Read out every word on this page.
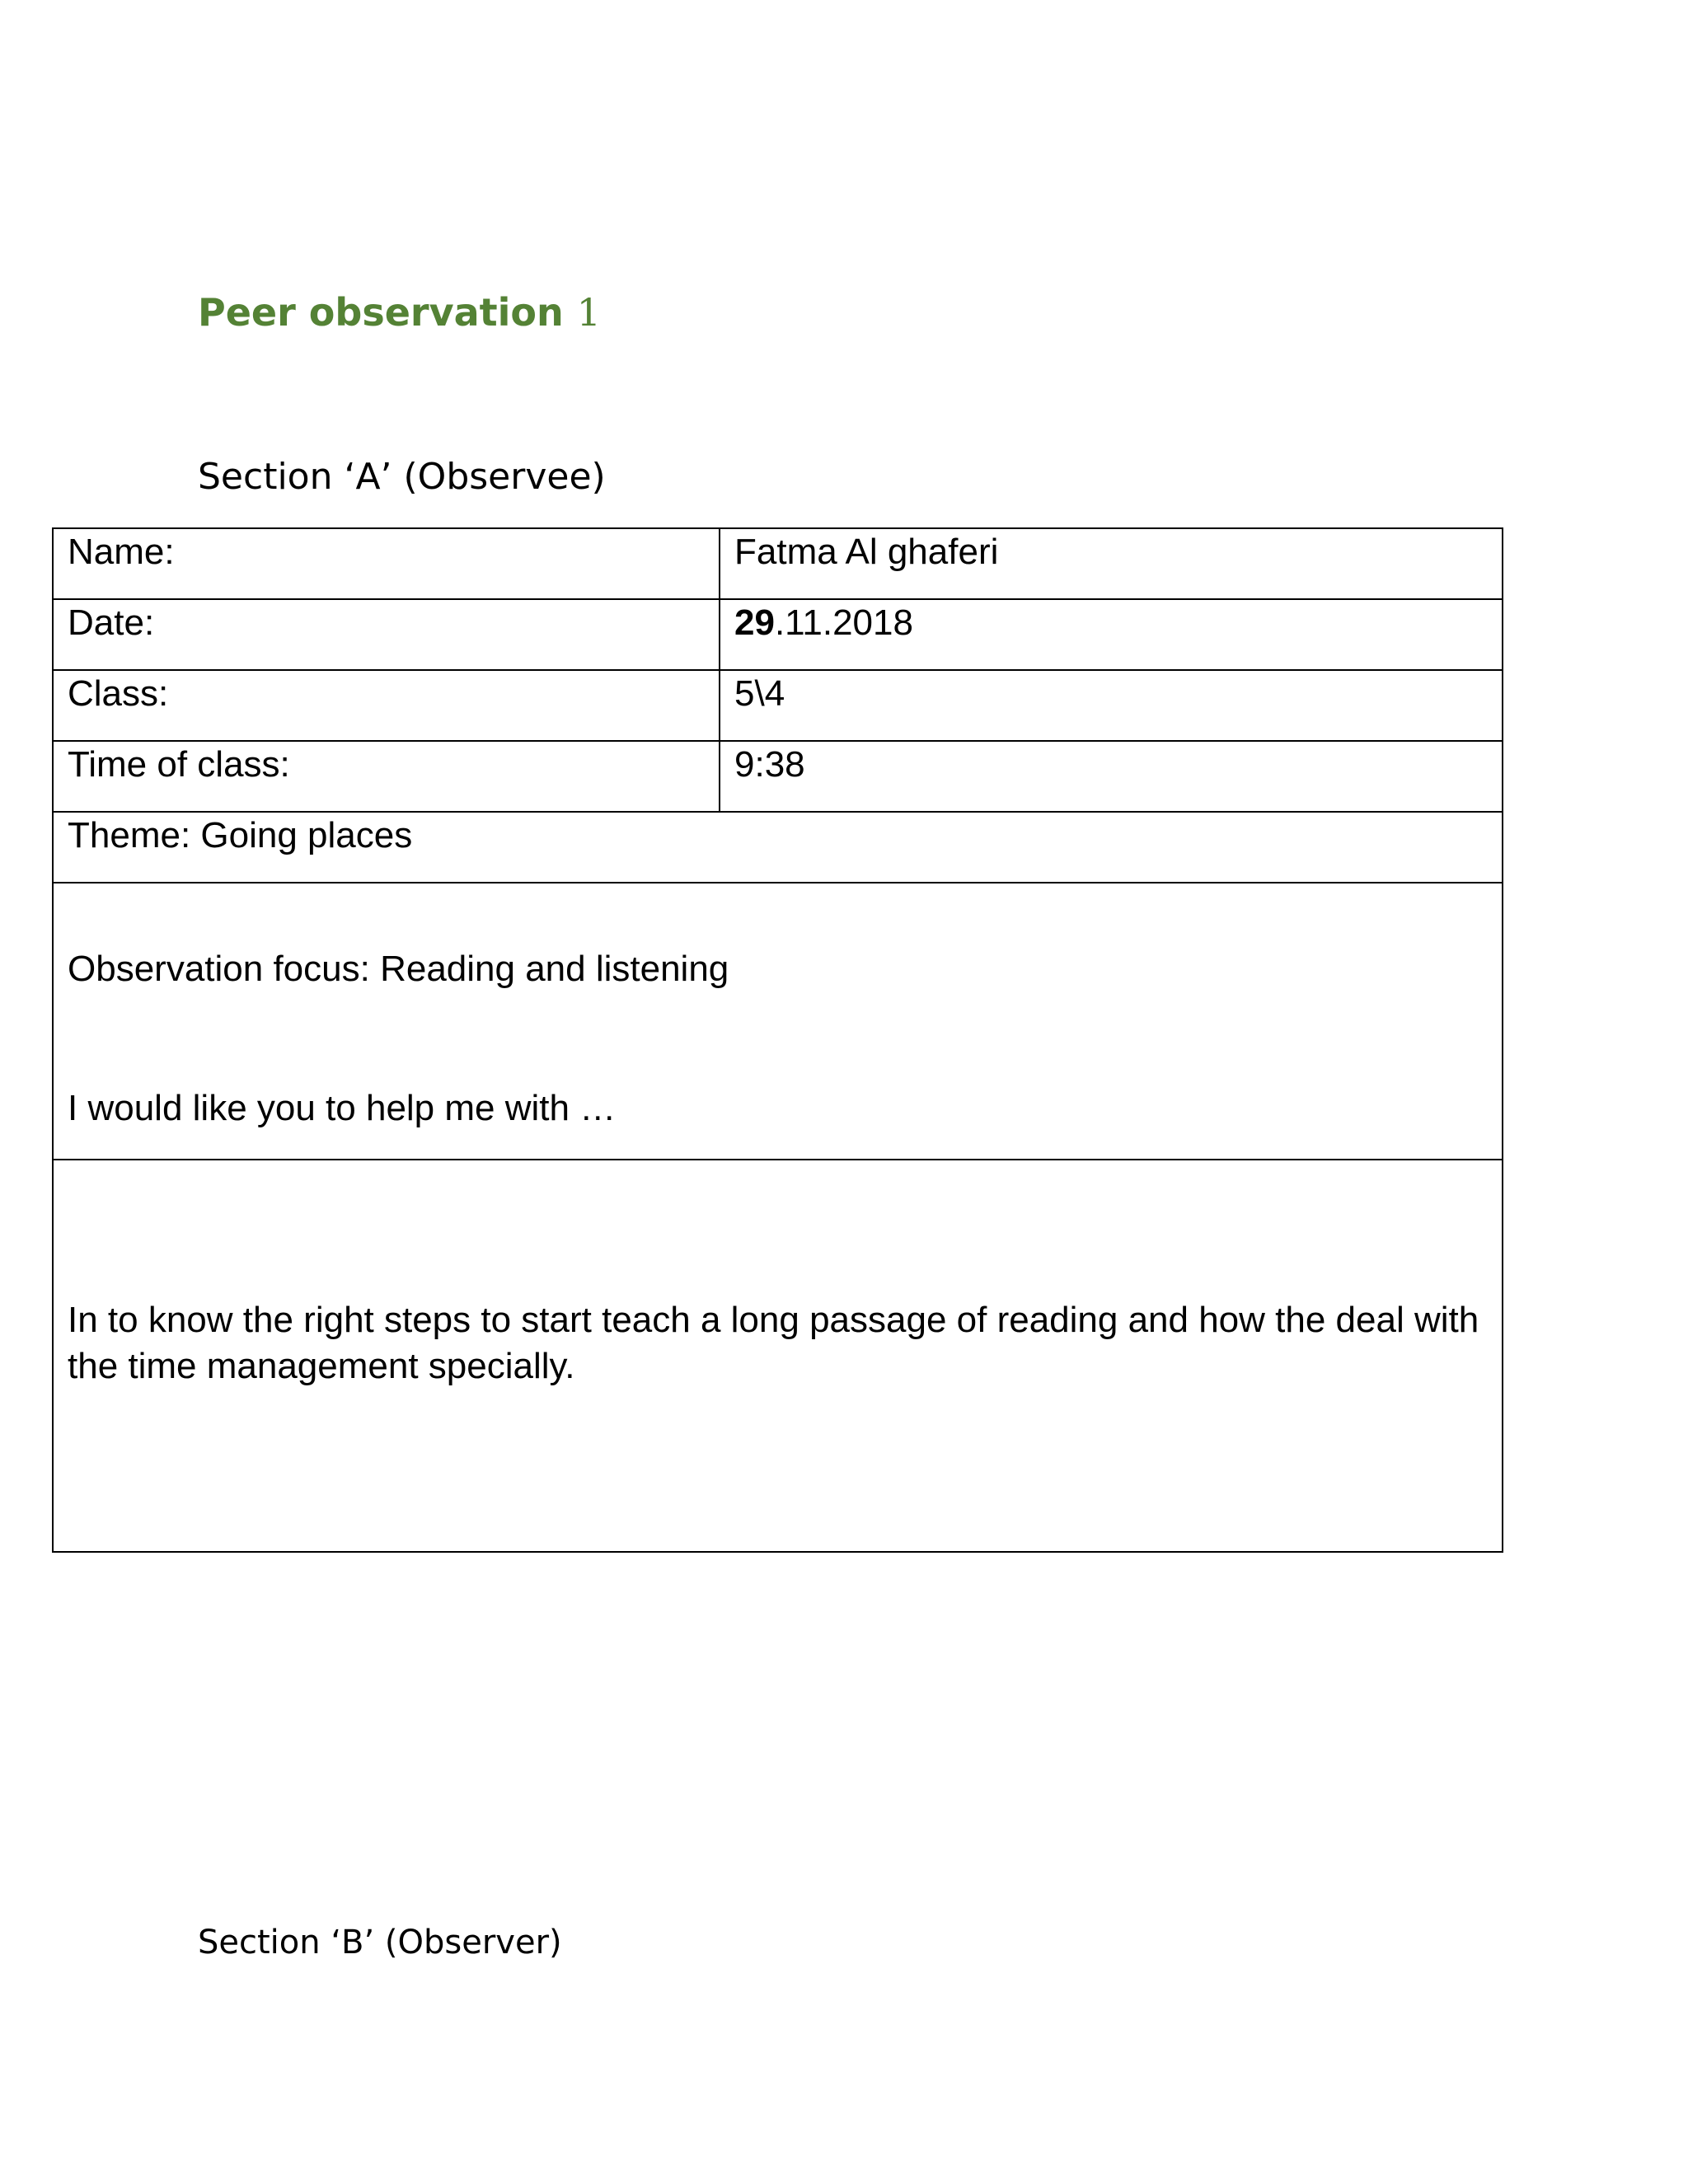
Peer observation 1
Section ‘A’ (Observee)
Name:	Fatma Al ghaferi
Date:	29.11.2018
Class:	5\4
Time of class:	9:38
Theme: Going places	

Observation focus: Reading and listening
I would like you to help me with …	

In to know the right steps to start teach a long passage of reading and how the deal with the time management specially.	
Section ‘B’ (Observer)
